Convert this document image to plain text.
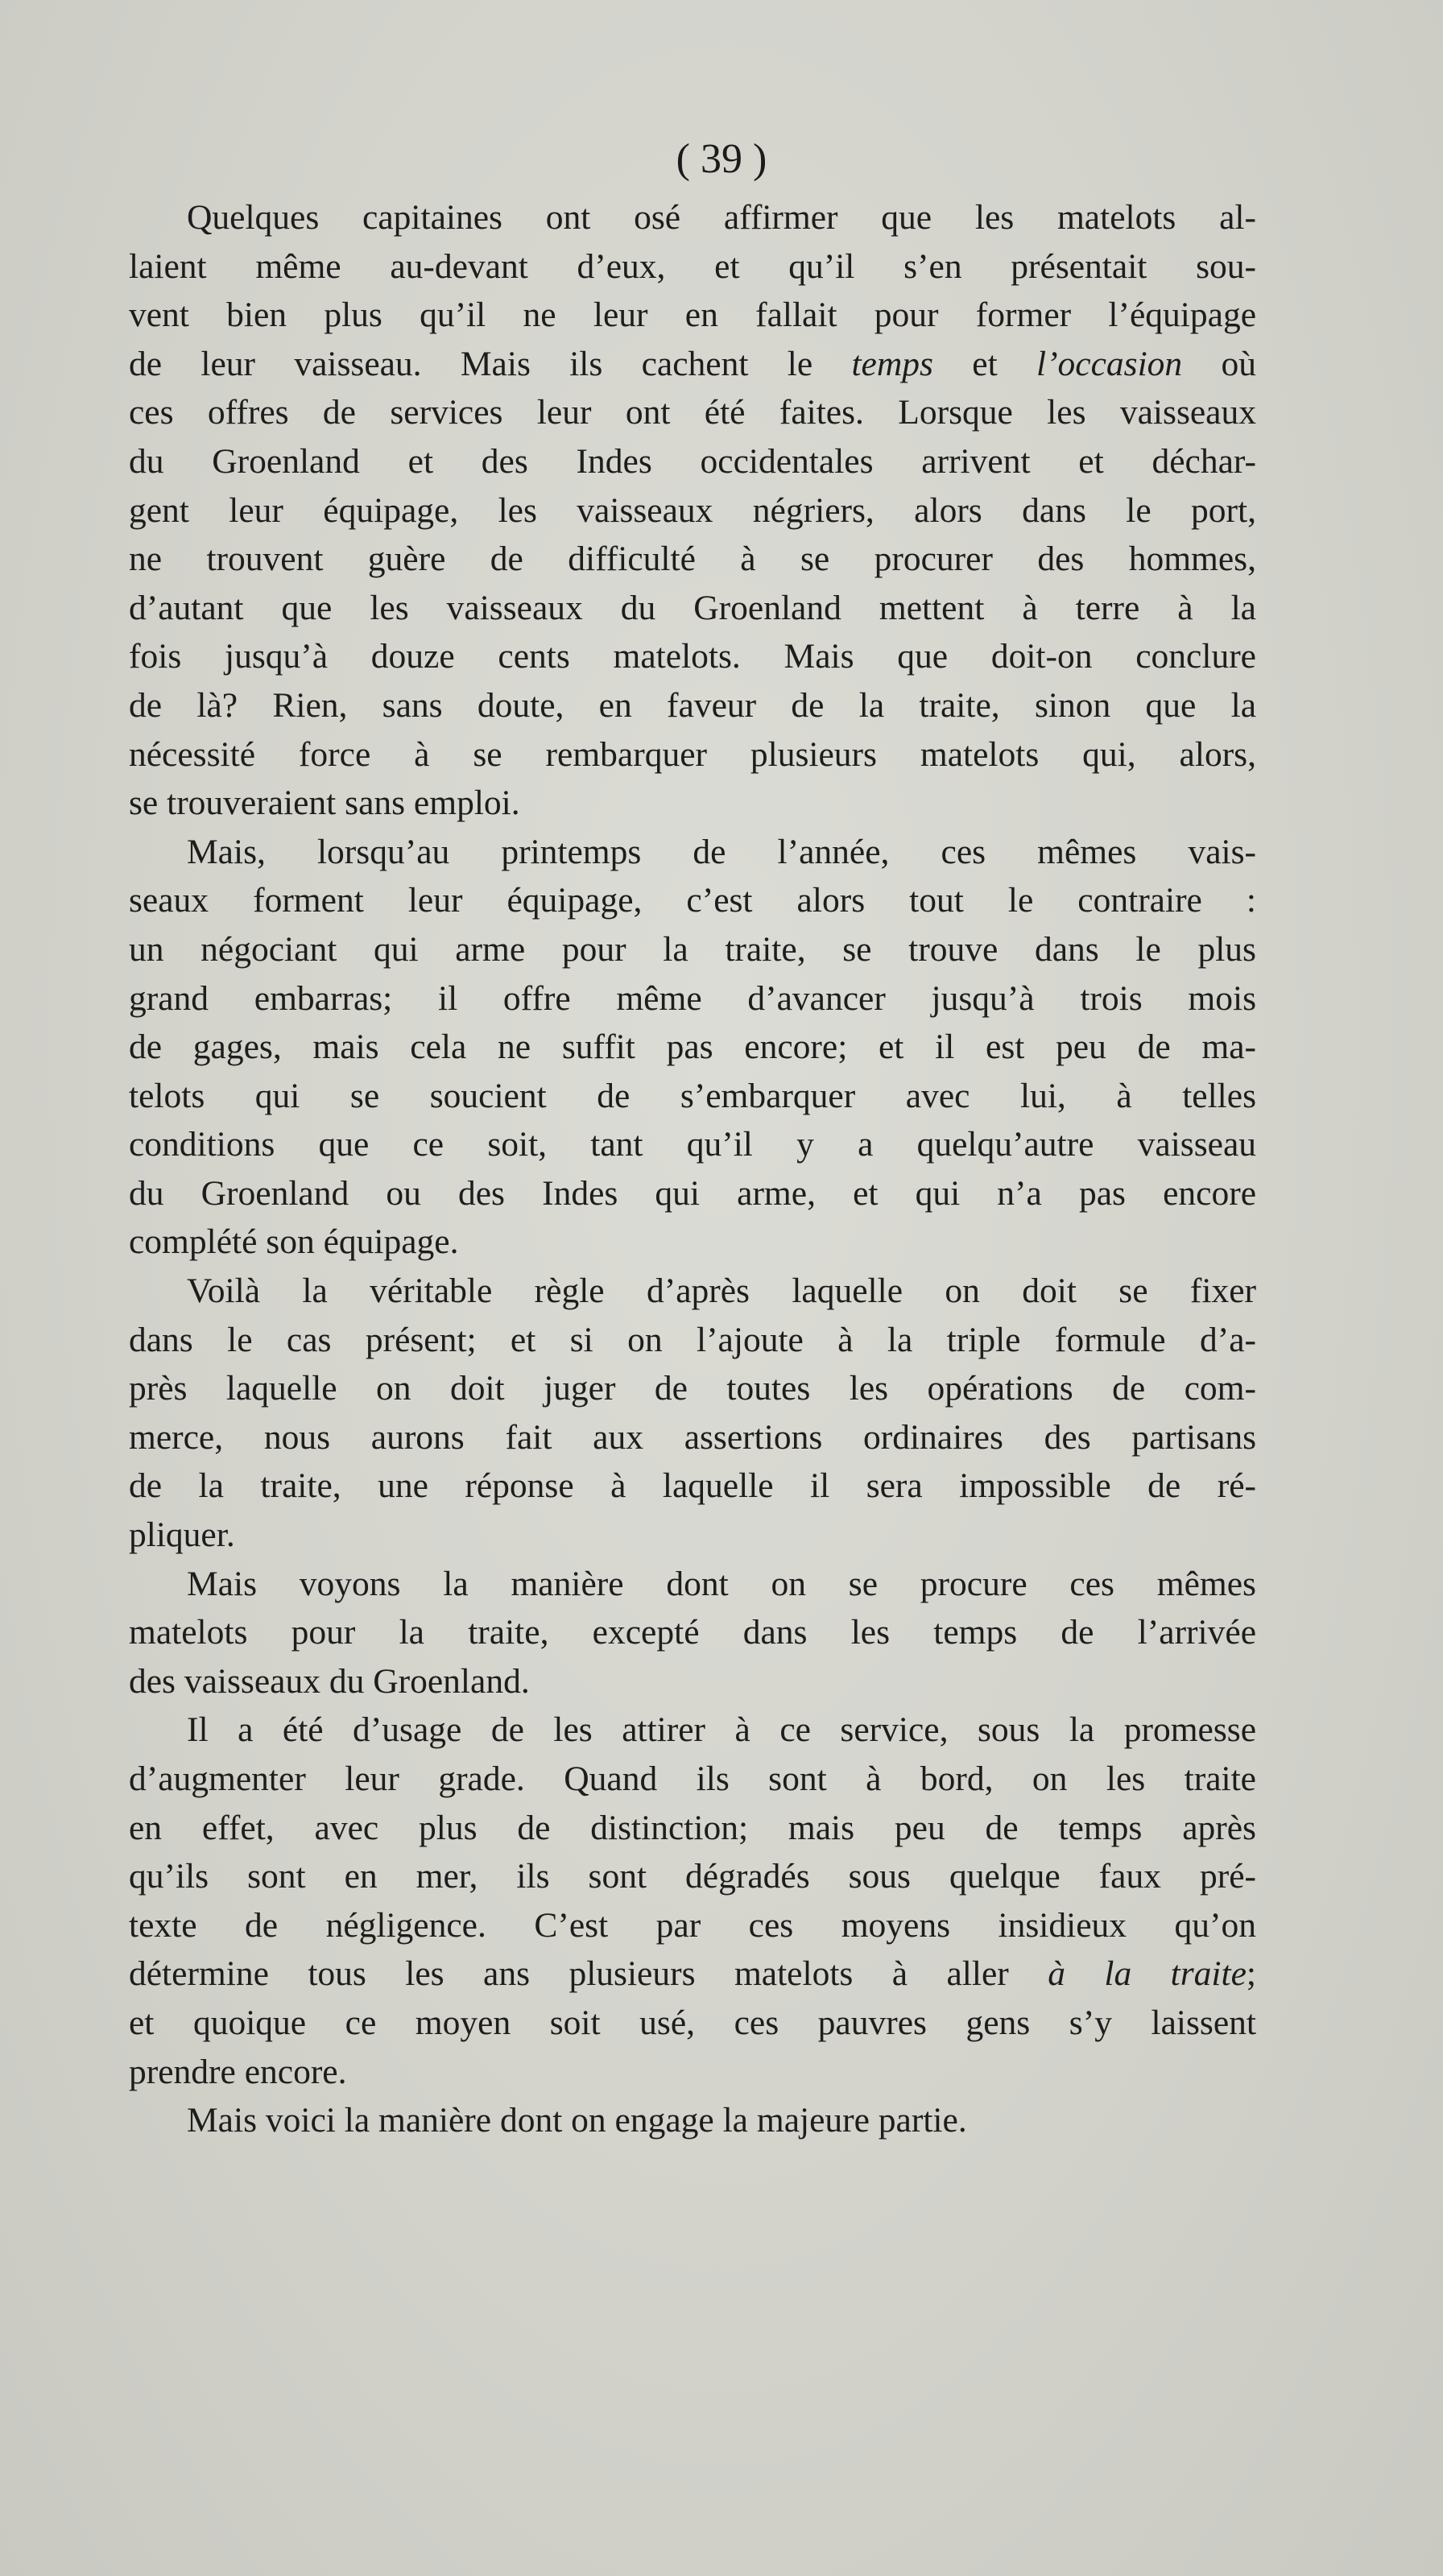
( 39 )

Quelques capitaines ont osé affirmer que les matelots al-
laient même au-devant d’eux, et qu’il s’en présentait sou-
vent bien plus qu’il ne leur en fallait pour former l’équipage
de leur vaisseau. Mais ils cachent le temps et l’occasion où
ces offres de services leur ont été faites. Lorsque les vaisseaux
du Groenland et des Indes occidentales arrivent et déchar-
gent leur équipage, les vaisseaux négriers, alors dans le port,
ne trouvent guère de difficulté à se procurer des hommes,
d’autant que les vaisseaux du Groenland mettent à terre à la
fois jusqu’à douze cents matelots. Mais que doit-on conclure
de là? Rien, sans doute, en faveur de la traite, sinon que la
nécessité force à se rembarquer plusieurs matelots qui, alors,
se trouveraient sans emploi.
Mais, lorsqu’au printemps de l’année, ces mêmes vais-
seaux forment leur équipage, c’est alors tout le contraire :
un négociant qui arme pour la traite, se trouve dans le plus
grand embarras; il offre même d’avancer jusqu’à trois mois
de gages, mais cela ne suffit pas encore; et il est peu de ma-
telots qui se soucient de s’embarquer avec lui, à telles
conditions que ce soit, tant qu’il y a quelqu’autre vaisseau
du Groenland ou des Indes qui arme, et qui n’a pas encore
complété son équipage.
Voilà la véritable règle d’après laquelle on doit se fixer
dans le cas présent; et si on l’ajoute à la triple formule d’a-
près laquelle on doit juger de toutes les opérations de com-
merce, nous aurons fait aux assertions ordinaires des partisans
de la traite, une réponse à laquelle il sera impossible de ré-
pliquer.
Mais voyons la manière dont on se procure ces mêmes
matelots pour la traite, excepté dans les temps de l’arrivée
des vaisseaux du Groenland.
Il a été d’usage de les attirer à ce service, sous la promesse
d’augmenter leur grade. Quand ils sont à bord, on les traite
en effet, avec plus de distinction; mais peu de temps après
qu’ils sont en mer, ils sont dégradés sous quelque faux pré-
texte de négligence. C’est par ces moyens insidieux qu’on
détermine tous les ans plusieurs matelots à aller à la traite;
et quoique ce moyen soit usé, ces pauvres gens s’y laissent
prendre encore.
Mais voici la manière dont on engage la majeure partie.
